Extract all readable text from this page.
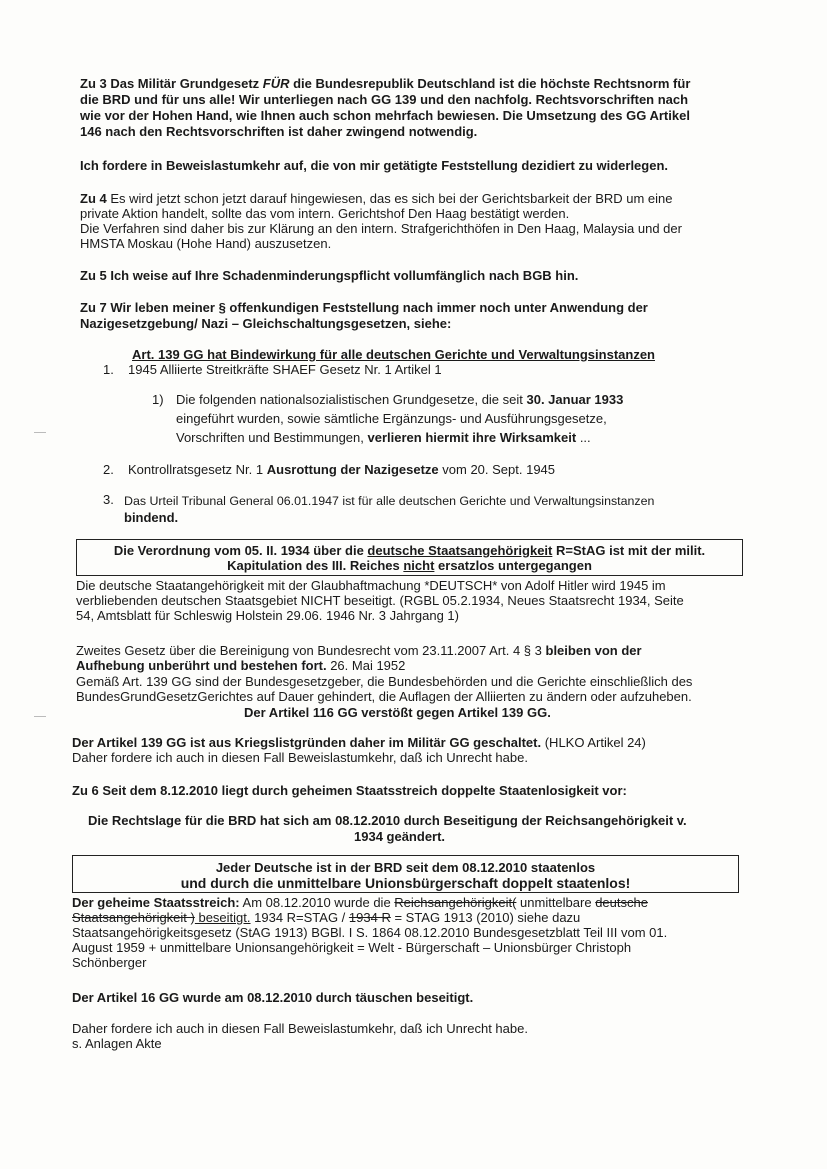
Zu 3 Das Militär Grundgesetz FÜR die Bundesrepublik Deutschland ist die höchste Rechtsnorm für
die BRD und für uns alle! Wir unterliegen nach GG 139 und den nachfolg. Rechtsvorschriften nach
wie vor der Hohen Hand, wie Ihnen auch schon mehrfach bewiesen. Die Umsetzung des GG Artikel
146 nach den Rechtsvorschriften ist daher zwingend notwendig.
Ich fordere in Beweislastumkehr auf, die von mir getätigte Feststellung dezidiert zu widerlegen.
Zu 4 Es wird jetzt schon jetzt darauf hingewiesen, das es sich bei der Gerichtsbarkeit der BRD um eine
private Aktion handelt, sollte das vom intern. Gerichtshof Den Haag bestätigt werden.
Die Verfahren sind daher bis zur Klärung an den intern. Strafgerichthöfen in Den Haag, Malaysia und der
HMSTA Moskau (Hohe Hand) auszusetzen.
Zu 5 Ich weise auf Ihre Schadenminderungspflicht vollumfänglich nach BGB hin.
Zu 7 Wir leben meiner § offenkundigen Feststellung nach immer noch unter Anwendung der
Nazigesetzgebung/ Nazi – Gleichschaltungsgesetzen, siehe:
Art. 139 GG hat Bindewirkung für alle deutschen Gerichte und Verwaltungsinstanzen
1. 1945 Alliierte Streitkräfte SHAEF Gesetz Nr. 1 Artikel 1
1) Die folgenden nationalsozialistischen Grundgesetze, die seit 30. Januar 1933
eingeführt wurden, sowie sämtliche Ergänzungs- und Ausführungsgesetze,
Vorschriften und Bestimmungen, verlieren hiermit ihre Wirksamkeit ...
2. Kontrollratsgesetz Nr. 1 Ausrottung der Nazigesetze vom 20. Sept. 1945
3. Das Urteil Tribunal General 06.01.1947 ist für alle deutschen Gerichte und Verwaltungsinstanzen
bindend.
Die Verordnung vom 05. II. 1934 über die deutsche Staatsangehörigkeit R=StAG ist mit der milit.
Kapitulation des III. Reiches nicht ersatzlos untergegangen
Die deutsche Staatangehörigkeit mit der Glaubhaftmachung *DEUTSCH* von Adolf Hitler wird 1945 im
verbliebenden deutschen Staatsgebiet NICHT beseitigt. (RGBL 05.2.1934, Neues Staatsrecht 1934, Seite
54, Amtsblatt für Schleswig Holstein 29.06. 1946 Nr. 3 Jahrgang 1)
Zweites Gesetz über die Bereinigung von Bundesrecht vom 23.11.2007 Art. 4 § 3 bleiben von der
Aufhebung unberührt und bestehen fort. 26. Mai 1952
Gemäß Art. 139 GG sind der Bundesgesetzgeber, die Bundesbehörden und die Gerichte einschließlich des
BundesGrundGesetzGerichtes auf Dauer gehindert, die Auflagen der Alliierten zu ändern oder aufzuheben.
Der Artikel 116 GG verstößt gegen Artikel 139 GG.
Der Artikel 139 GG ist aus Kriegslistgründen daher im Militär GG geschaltet. (HLKO Artikel 24)
Daher fordere ich auch in diesen Fall Beweislastumkehr, daß ich Unrecht habe.
Zu 6 Seit dem 8.12.2010 liegt durch geheimen Staatsstreich doppelte Staatenlosigkeit vor:
Die Rechtslage für die BRD hat sich am 08.12.2010 durch Beseitigung der Reichsangehörigkeit v.
1934 geändert.
Jeder Deutsche ist in der BRD seit dem 08.12.2010 staatenlos
und durch die unmittelbare Unionsbürgerschaft doppelt staatenlos!
Der geheime Staatsstreich: Am 08.12.2010 wurde die Reichsangehörigkeit( unmittelbare deutsche
Staatsangehörigkeit ) beseitigt. 1934 R=STAG / 1934 R = STAG 1913 (2010) siehe dazu
Staatsangehörigkeitsgesetz (StAG 1913) BGBl. I S. 1864 08.12.2010 Bundesgesetzblatt Teil III vom 01.
August 1959 + unmittelbare Unionsangehörigkeit = Welt - Bürgerschaft – Unionsbürger Christoph
Schönberger
Der Artikel 16 GG wurde am 08.12.2010 durch täuschen beseitigt.
Daher fordere ich auch in diesen Fall Beweislastumkehr, daß ich Unrecht habe.
s. Anlagen Akte
